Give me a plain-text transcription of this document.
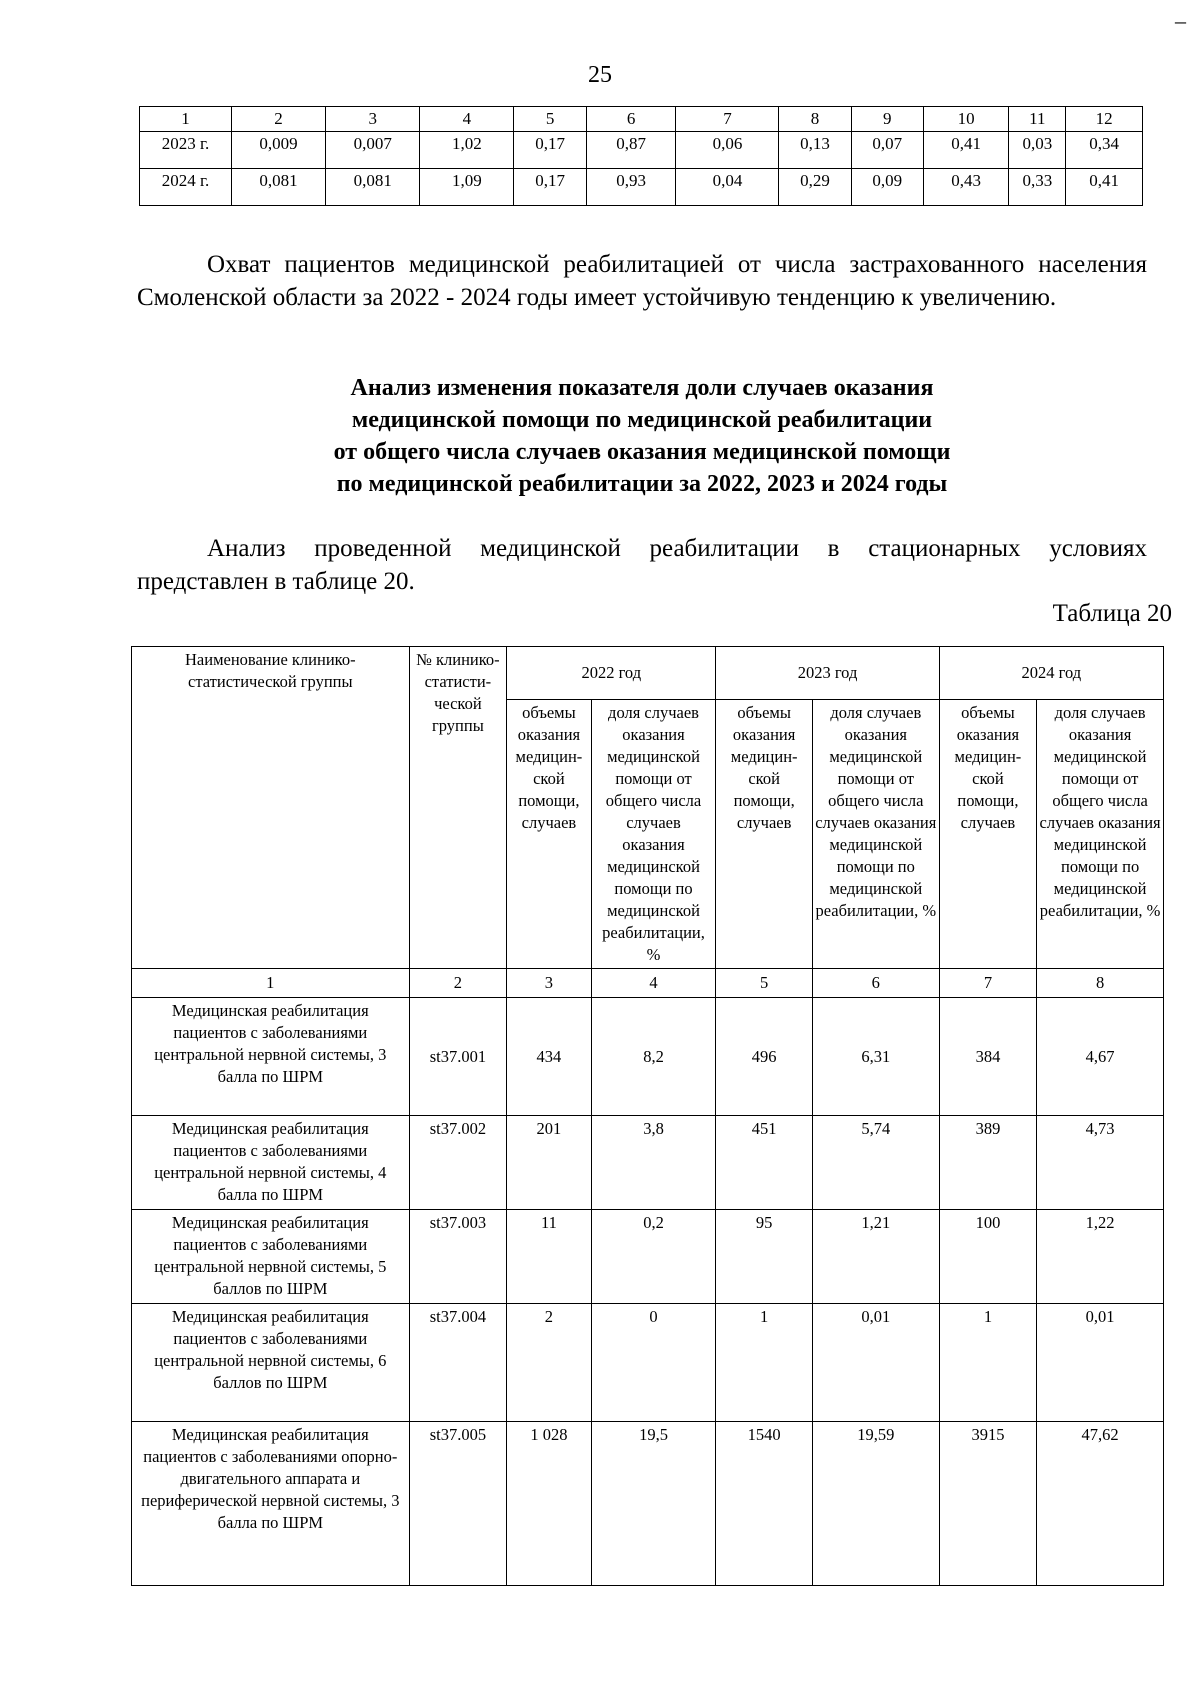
–
25
1	2	3	4	5	6	7	8	9	10	11	12
2023 г.	0,009	0,007	1,02	0,17	0,87	0,06	0,13	0,07	0,41	0,03	0,34
2024 г.	0,081	0,081	1,09	0,17	0,93	0,04	0,29	0,09	0,43	0,33	0,41

Охват пациентов медицинской реабилитацией от числа застрахованного населения Смоленской области за 2022 - 2024 годы имеет устойчивую тенденцию к увеличению.

Анализ изменения показателя доли случаев оказания
медицинской помощи по медицинской реабилитации
от общего числа случаев оказания медицинской помощи
по медицинской реабилитации за 2022, 2023 и 2024 годы

Анализ проведенной медицинской реабилитации в стационарных условиях представлен в таблице 20.

Таблица 20
Наименование клинико-статистической группы	№ клинико-статисти-ческой группы	2022 год		2023 год		2024 год	
		объемы оказания медицин-ской помощи, случаев	доля случаев оказания медицинской помощи от общего числа случаев оказания медицинской помощи по медицинской реабилитации, %	объемы оказания медицин-ской помощи, случаев	доля случаев оказания медицинской помощи от общего числа случаев оказания медицинской помощи по медицинской реабилитации, %	объемы оказания медицин-ской помощи, случаев	доля случаев оказания медицинской помощи от общего числа случаев оказания медицинской помощи по медицинской реабилитации, %
1	2	3	4	5	6	7	8
Медицинская реабилитация пациентов с заболеваниями центральной нервной системы, 3 балла по ШРМ	st37.001	434	8,2	496	6,31	384	4,67
Медицинская реабилитация пациентов с заболеваниями центральной нервной системы, 4 балла по ШРМ	st37.002	201	3,8	451	5,74	389	4,73
Медицинская реабилитация пациентов с заболеваниями центральной нервной системы, 5 баллов по ШРМ	st37.003	11	0,2	95	1,21	100	1,22
Медицинская реабилитация пациентов с заболеваниями центральной нервной системы, 6 баллов по ШРМ	st37.004	2	0	1	0,01	1	0,01
Медицинская реабилитация пациентов с заболеваниями опорно-двигательного аппарата и периферической нервной системы, 3 балла по ШРМ	st37.005	1 028	19,5	1540	19,59	3915	47,62
